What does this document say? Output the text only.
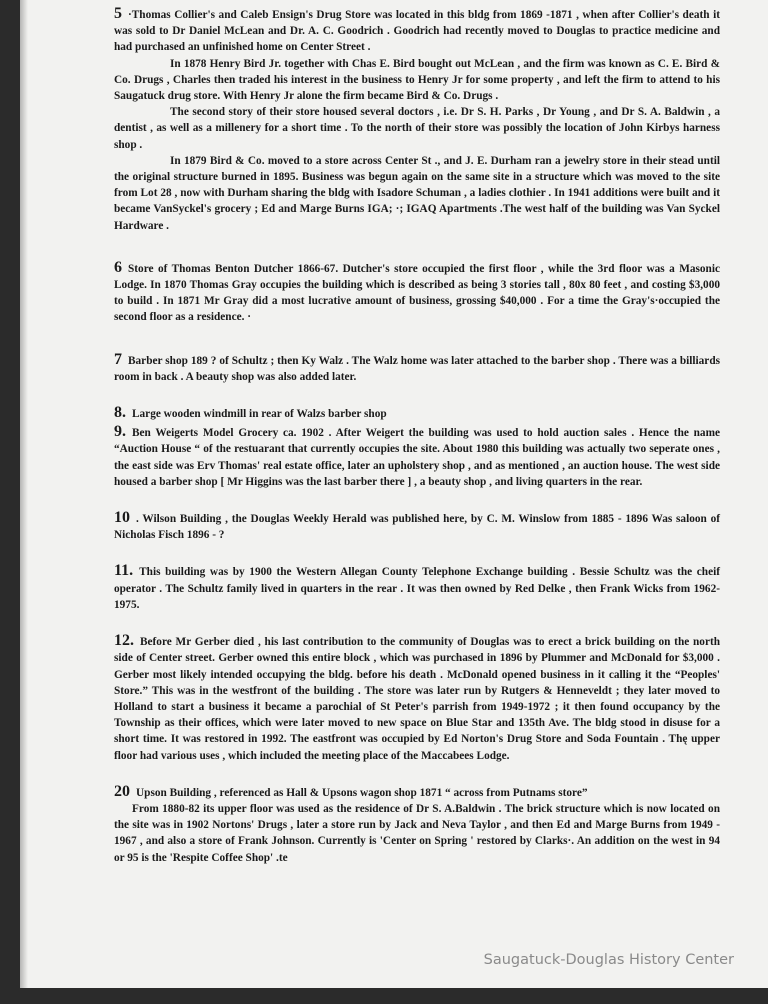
5 ·Thomas Collier's and Caleb Ensign's Drug Store was located in this bldg from 1869 -1871 , when after Collier's death it was sold to Dr Daniel McLean and Dr. A. C. Goodrich . Goodrich had recently moved to Douglas to practice medicine and had purchased an unfinished home on Center Street .

In 1878 Henry Bird Jr. together with Chas E. Bird bought out McLean , and the firm was known as C. E. Bird & Co. Drugs , Charles then traded his interest in the business to Henry Jr for some property , and left the firm to attend to his Saugatuck drug store. With Henry Jr alone the firm became Bird & Co. Drugs .

The second story of their store housed several doctors , i.e. Dr S. H. Parks , Dr Young , and Dr S. A. Baldwin , a dentist , as well as a millenery for a short time . To the north of their store was possibly the location of John Kirbys harness shop .

In 1879 Bird & Co. moved to a store across Center St ., and J. E. Durham ran a jewelry store in their stead until the original structure burned in 1895. Business was begun again on the same site in a structure which was moved to the site from Lot 28 , now with Durham sharing the bldg with Isadore Schuman , a ladies clothier . In 1941 additions were built and it became VanSyckel's grocery ; Ed and Marge Burns IGA; ·; IGAQ Apartments .The west half of the building was Van Syckel Hardware .

6 Store of Thomas Benton Dutcher 1866-67. Dutcher's store occupied the first floor , while the 3rd floor was a Masonic Lodge. In 1870 Thomas Gray occupies the building which is described as being 3 stories tall , 80x 80 feet , and costing $3,000 to build . In 1871 Mr Gray did a most lucrative amount of business, grossing $40,000 . For a time the Gray's·occupied the second floor as a residence. ·

7 Barber shop 189 ? of Schultz ; then Ky Walz . The Walz home was later attached to the barber shop . There was a billiards room in back . A beauty shop was also added later.

8. Large wooden windmill in rear of Walzs barber shop

9. Ben Weigerts Model Grocery ca. 1902 . After Weigert the building was used to hold auction sales . Hence the name “Auction House “ of the restuarant that currently occupies the site. About 1980 this building was actually two seperate ones , the east side was Erv Thomas' real estate office, later an upholstery shop , and as mentioned , an auction house. The west side housed a barber shop [ Mr Higgins was the last barber there ] , a beauty shop , and living quarters in the rear.

10 . Wilson Building , the Douglas Weekly Herald was published here, by C. M. Winslow from 1885 - 1896 Was saloon of Nicholas Fisch 1896 - ?

11. This building was by 1900 the Western Allegan County Telephone Exchange building . Bessie Schultz was the cheif operator . The Schultz family lived in quarters in the rear . It was then owned by Red Delke , then Frank Wicks from 1962- 1975.

12. Before Mr Gerber died , his last contribution to the community of Douglas was to erect a brick building on the north side of Center street. Gerber owned this entire block , which was purchased in 1896 by Plummer and McDonald for $3,000 . Gerber most likely intended occupying the bldg. before his death . McDonald opened business in it calling it the “Peoples' Store.” This was in the westfront of the building . The store was later run by Rutgers & Henneveldt ; they later moved to Holland to start a business it became a parochial of St Peter's parrish from 1949-1972 ; it then found occupancy by the Township as their offices, which were later moved to new space on Blue Star and 135th Ave. The bldg stood in disuse for a short time. It was restored in 1992. The eastfront was occupied by Ed Norton's Drug Store and Soda Fountain . Thę upper floor had various uses , which included the meeting place of the Maccabees Lodge.

20 Upson Building , referenced as Hall & Upsons wagon shop 1871 “ across from Putnams store”

From 1880-82 its upper floor was used as the residence of Dr S. A.Baldwin . The brick structure which is now located on the site was in 1902 Nortons' Drugs , later a store run by Jack and Neva Taylor , and then Ed and Marge Burns from 1949 - 1967 , and also a store of Frank Johnson. Currently is 'Center on Spring ' restored by Clarks·. An addition on the west in 94 or 95 is the 'Respite Coffee Shop' .te

Saugatuck-Douglas History Center
